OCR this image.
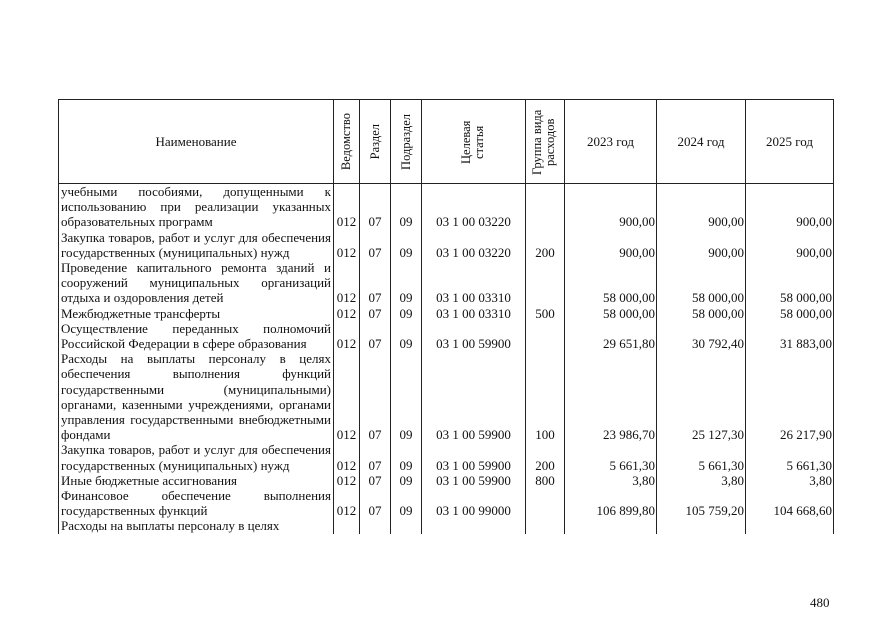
Наименование	Ведомство	Раздел	Подраздел	Целевая статья	Группа вида расходов	2023 год	2024 год	2025 год
учебными пособиями, допущенными к использованию при реализации указанных образовательных программ	012	07	09	03 1 00 03220		900,00	900,00	900,00
Закупка товаров, работ и услуг для обеспечения государственных (муниципальных) нужд	012	07	09	03 1 00 03220	200	900,00	900,00	900,00
Проведение капитального ремонта зданий и сооружений муниципальных организаций отдыха и оздоровления детей	012	07	09	03 1 00 03310		58 000,00	58 000,00	58 000,00
Межбюджетные трансферты	012	07	09	03 1 00 03310	500	58 000,00	58 000,00	58 000,00
Осуществление переданных полномочий Российской Федерации в сфере образования	012	07	09	03 1 00 59900		29 651,80	30 792,40	31 883,00
Расходы на выплаты персоналу в целях обеспечения выполнения функций государственными (муниципальными) органами, казенными учреждениями, органами управления государственными внебюджетными фондами	012	07	09	03 1 00 59900	100	23 986,70	25 127,30	26 217,90
Закупка товаров, работ и услуг для обеспечения государственных (муниципальных) нужд	012	07	09	03 1 00 59900	200	5 661,30	5 661,30	5 661,30
Иные бюджетные ассигнования	012	07	09	03 1 00 59900	800	3,80	3,80	3,80
Финансовое обеспечение выполнения государственных функций	012	07	09	03 1 00 99000		106 899,80	105 759,20	104 668,60
Расходы на выплаты персоналу в целях								
480
